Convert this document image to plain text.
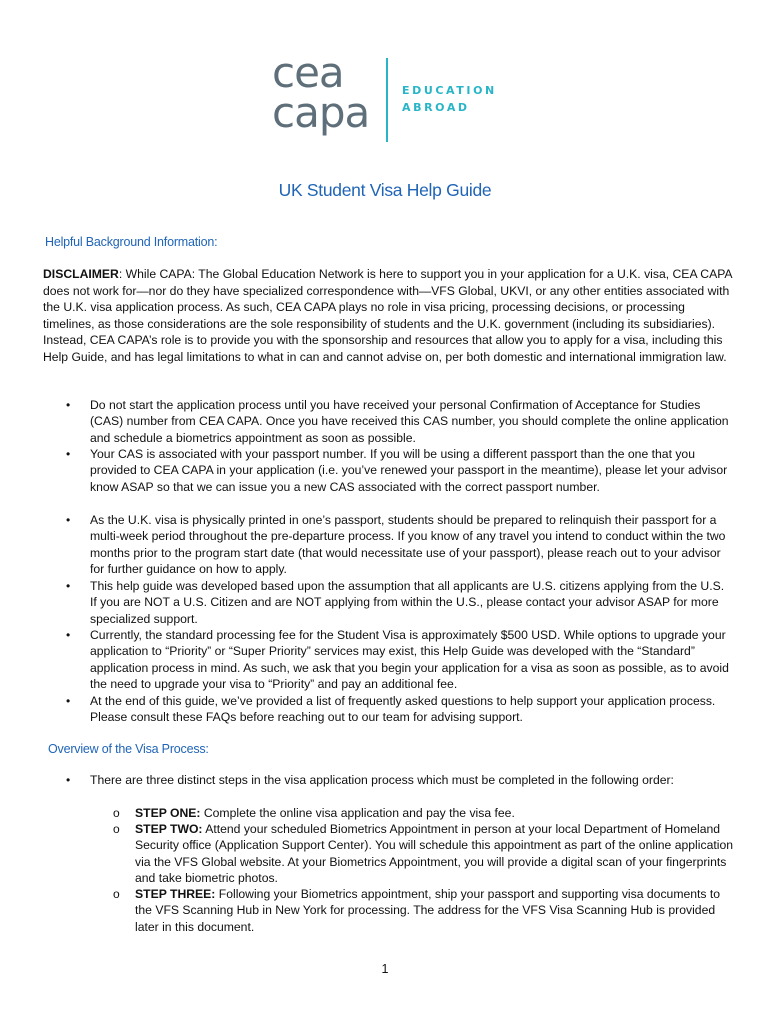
cea
capa	EDUCATION
ABROAD
UK Student Visa Help Guide
Helpful Background Information:
DISCLAIMER: While CAPA: The Global Education Network is here to support you in your application for a U.K. visa, CEA CAPA does not work for—nor do they have specialized correspondence with—VFS Global, UKVI, or any other entities associated with the U.K. visa application process. As such, CEA CAPA plays no role in visa pricing, processing decisions, or processing timelines, as those considerations are the sole responsibility of students and the U.K. government (including its subsidiaries). Instead, CEA CAPA’s role is to provide you with the sponsorship and resources that allow you to apply for a visa, including this Help Guide, and has legal limitations to what in can and cannot advise on, per both domestic and international immigration law.
• Do not start the application process until you have received your personal Confirmation of Acceptance for Studies (CAS) number from CEA CAPA. Once you have received this CAS number, you should complete the online application and schedule a biometrics appointment as soon as possible.
• Your CAS is associated with your passport number. If you will be using a different passport than the one that you provided to CEA CAPA in your application (i.e. you’ve renewed your passport in the meantime), please let your advisor know ASAP so that we can issue you a new CAS associated with the correct passport number.
• As the U.K. visa is physically printed in one’s passport, students should be prepared to relinquish their passport for a multi-week period throughout the pre-departure process. If you know of any travel you intend to conduct within the two months prior to the program start date (that would necessitate use of your passport), please reach out to your advisor for further guidance on how to apply.
• This help guide was developed based upon the assumption that all applicants are U.S. citizens applying from the U.S. If you are NOT a U.S. Citizen and are NOT applying from within the U.S., please contact your advisor ASAP for more specialized support.
• Currently, the standard processing fee for the Student Visa is approximately $500 USD. While options to upgrade your application to “Priority” or “Super Priority” services may exist, this Help Guide was developed with the “Standard” application process in mind. As such, we ask that you begin your application for a visa as soon as possible, as to avoid the need to upgrade your visa to “Priority” and pay an additional fee.
• At the end of this guide, we’ve provided a list of frequently asked questions to help support your application process. Please consult these FAQs before reaching out to our team for advising support.
Overview of the Visa Process:
• There are three distinct steps in the visa application process which must be completed in the following order:
o STEP ONE: Complete the online visa application and pay the visa fee.
o STEP TWO: Attend your scheduled Biometrics Appointment in person at your local Department of Homeland Security office (Application Support Center). You will schedule this appointment as part of the online application via the VFS Global website. At your Biometrics Appointment, you will provide a digital scan of your fingerprints and take biometric photos.
o STEP THREE: Following your Biometrics appointment, ship your passport and supporting visa documents to the VFS Scanning Hub in New York for processing. The address for the VFS Visa Scanning Hub is provided later in this document.
1
